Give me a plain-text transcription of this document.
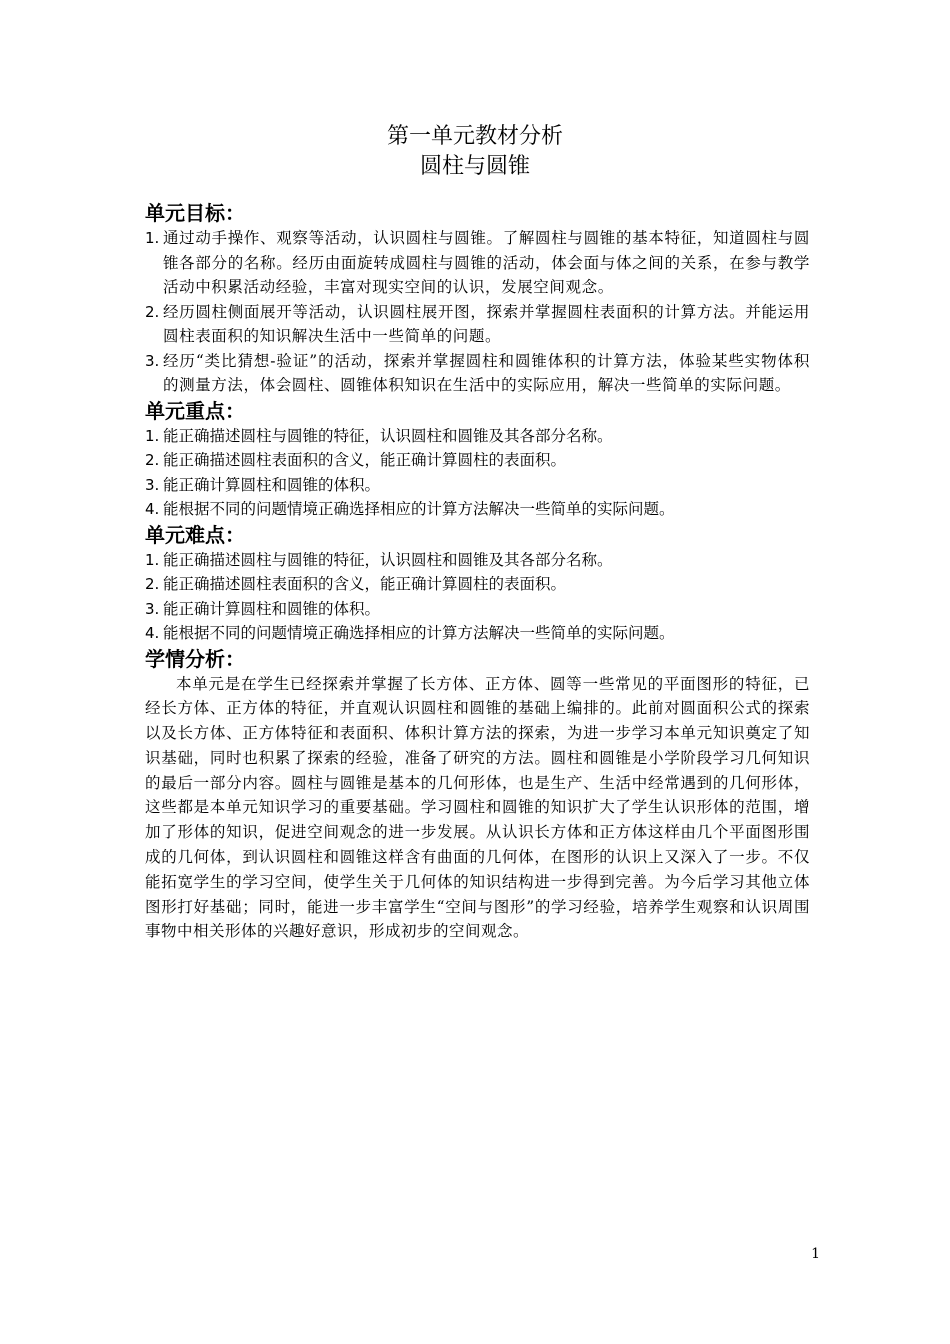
第一单元教材分析
圆柱与圆锥
单元目标：
1. 通过动手操作、观察等活动，认识圆柱与圆锥。了解圆柱与圆锥的基本特征，知道圆柱与圆锥各部分的名称。经历由面旋转成圆柱与圆锥的活动，体会面与体之间的关系，在参与教学活动中积累活动经验，丰富对现实空间的认识，发展空间观念。
2. 经历圆柱侧面展开等活动，认识圆柱展开图，探索并掌握圆柱表面积的计算方法。并能运用圆柱表面积的知识解决生活中一些简单的问题。
3. 经历“类比猜想-验证”的活动，探索并掌握圆柱和圆锥体积的计算方法，体验某些实物体积的测量方法，体会圆柱、圆锥体积知识在生活中的实际应用，解决一些简单的实际问题。
单元重点：
1. 能正确描述圆柱与圆锥的特征，认识圆柱和圆锥及其各部分名称。
2. 能正确描述圆柱表面积的含义，能正确计算圆柱的表面积。
3. 能正确计算圆柱和圆锥的体积。
4. 能根据不同的问题情境正确选择相应的计算方法解决一些简单的实际问题。
单元难点：
1. 能正确描述圆柱与圆锥的特征，认识圆柱和圆锥及其各部分名称。
2. 能正确描述圆柱表面积的含义，能正确计算圆柱的表面积。
3. 能正确计算圆柱和圆锥的体积。
4. 能根据不同的问题情境正确选择相应的计算方法解决一些简单的实际问题。
学情分析：

本单元是在学生已经探索并掌握了长方体、正方体、圆等一些常见的平面图形的特征，已经长方体、正方体的特征，并直观认识圆柱和圆锥的基础上编排的。此前对圆面积公式的探索以及长方体、正方体特征和表面积、体积计算方法的探索，为进一步学习本单元知识奠定了知识基础，同时也积累了探索的经验，准备了研究的方法。圆柱和圆锥是小学阶段学习几何知识的最后一部分内容。圆柱与圆锥是基本的几何形体，也是生产、生活中经常遇到的几何形体，这些都是本单元知识学习的重要基础。学习圆柱和圆锥的知识扩大了学生认识形体的范围，增加了形体的知识，促进空间观念的进一步发展。从认识长方体和正方体这样由几个平面图形围成的几何体，到认识圆柱和圆锥这样含有曲面的几何体，在图形的认识上又深入了一步。不仅能拓宽学生的学习空间，使学生关于几何体的知识结构进一步得到完善。为今后学习其他立体图形打好基础；同时，能进一步丰富学生“空间与图形”的学习经验，培养学生观察和认识周围事物中相关形体的兴趣好意识，形成初步的空间观念。

1
